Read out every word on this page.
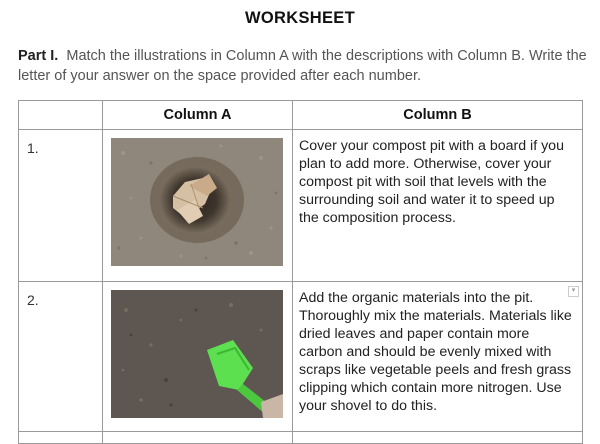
WORKSHEET
Part I. Match the illustrations in Column A with the descriptions with Column B. Write the letter of your answer on the space provided after each number.
	Column A	Column B
1.		Cover your compost pit with a board if you plan to add more. Otherwise, cover your compost pit with soil that levels with the surrounding soil and water it to speed up the composition process.
2.		Add the organic materials into the pit. Thoroughly mix the materials. Materials like dried leaves and paper contain more carbon and should be evenly mixed with scraps like vegetable peels and fresh grass clipping which contain more nitrogen. Use your shovel to do this.
▾
